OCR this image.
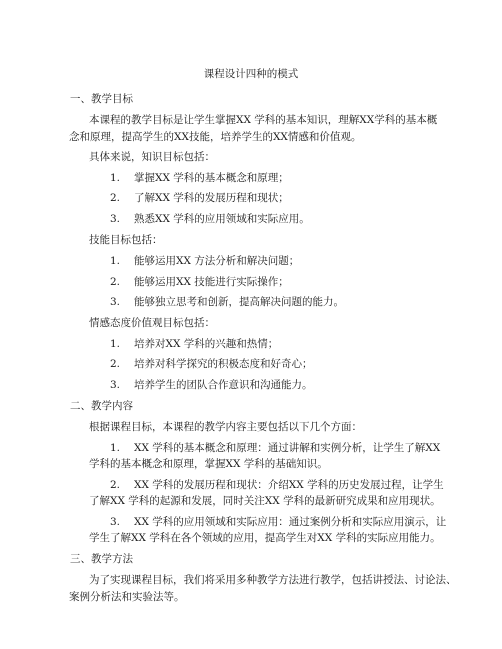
课程设计四种的模式
一、教学目标
本课程的教学目标是让学生掌握XX 学科的基本知识，理解XX学科的基本概
念和原理，提高学生的XX技能，培养学生的XX情感和价值观。
具体来说，知识目标包括：
1. 掌握XX 学科的基本概念和原理；
2. 了解XX 学科的发展历程和现状；
3. 熟悉XX 学科的应用领域和实际应用。
技能目标包括：
1. 能够运用XX 方法分析和解决问题；
2. 能够运用XX 技能进行实际操作；
3. 能够独立思考和创新，提高解决问题的能力。
情感态度价值观目标包括：
1. 培养对XX 学科的兴趣和热情；
2. 培养对科学探究的积极态度和好奇心；
3. 培养学生的团队合作意识和沟通能力。
二、教学内容
根据课程目标，本课程的教学内容主要包括以下几个方面：
1. XX 学科的基本概念和原理：通过讲解和实例分析，让学生了解XX
学科的基本概念和原理，掌握XX 学科的基础知识。
2. XX 学科的发展历程和现状：介绍XX 学科的历史发展过程，让学生
了解XX 学科的起源和发展，同时关注XX 学科的最新研究成果和应用现状。
3. XX 学科的应用领域和实际应用：通过案例分析和实际应用演示，让
学生了解XX 学科在各个领域的应用，提高学生对XX 学科的实际应用能力。
三、教学方法
为了实现课程目标，我们将采用多种教学方法进行教学，包括讲授法、讨论法、
案例分析法和实验法等。
